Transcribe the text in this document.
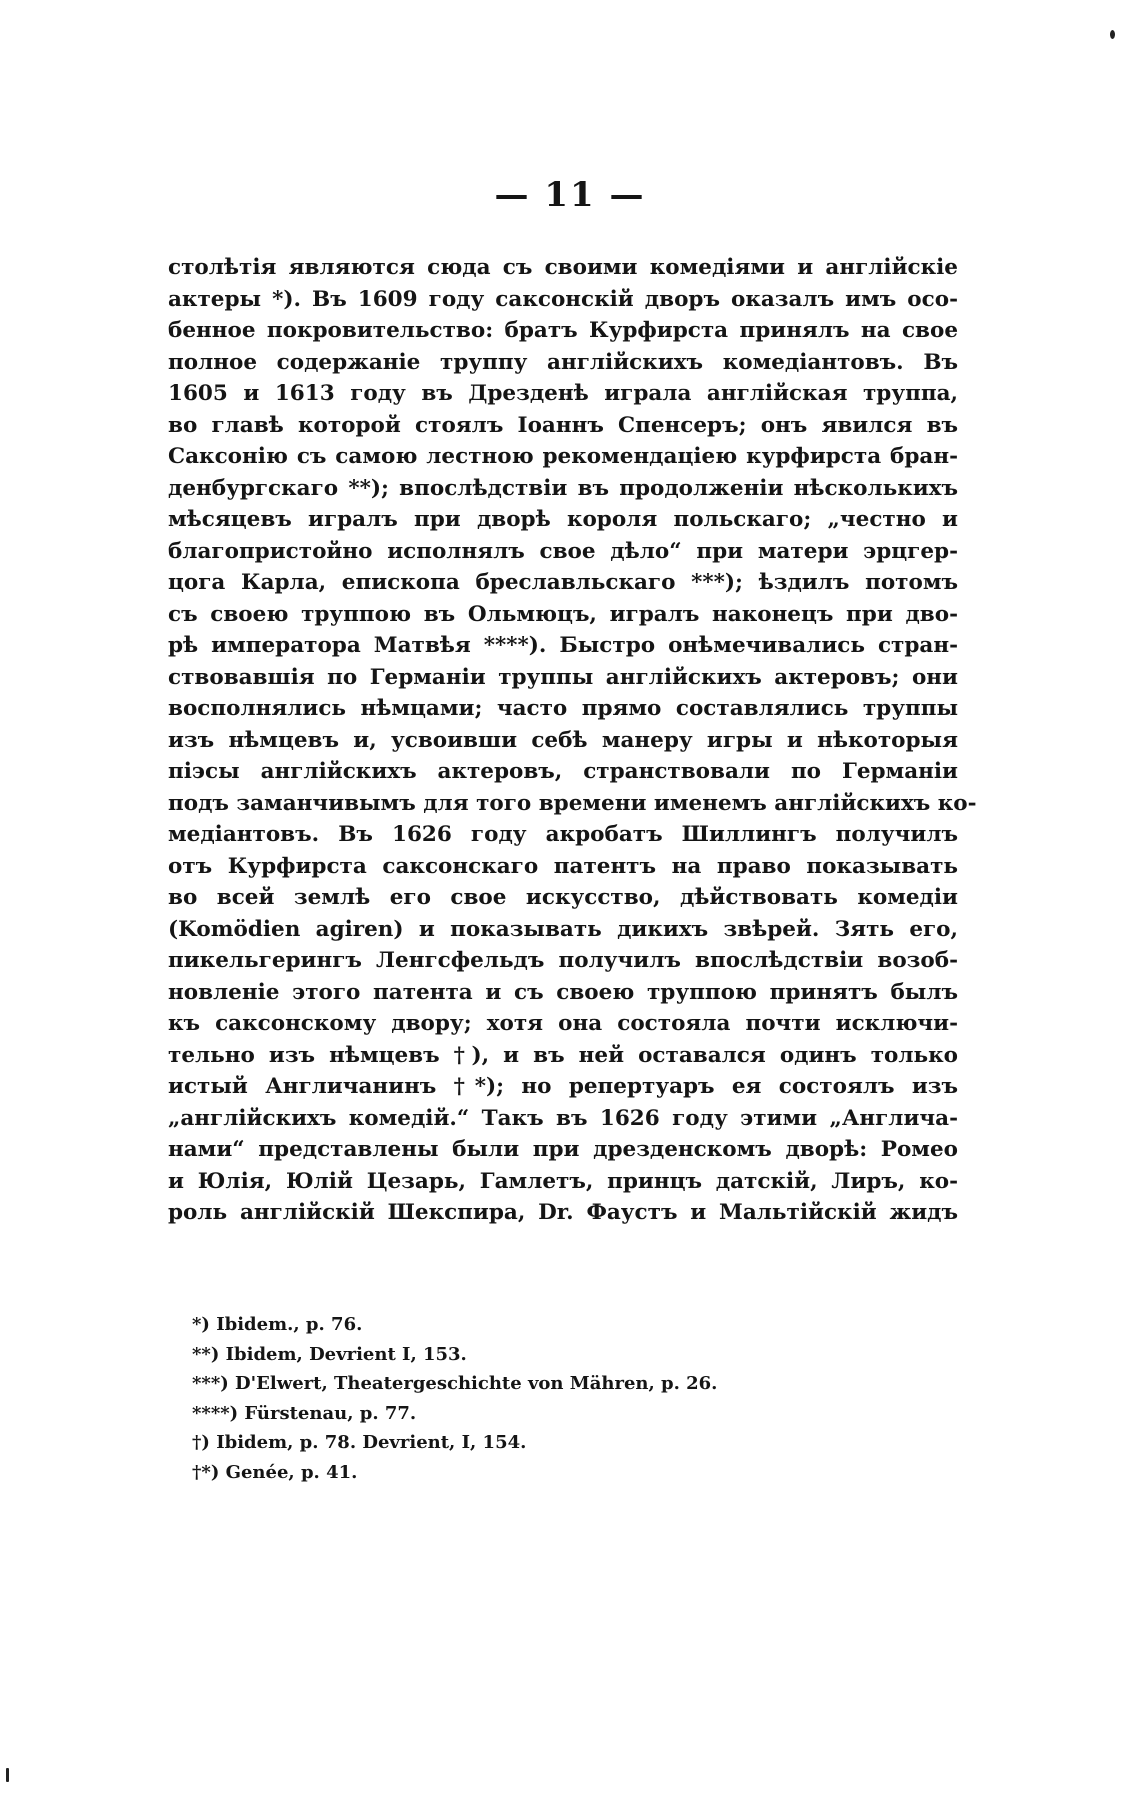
— 11 —
столѣтія являются сюда съ своими комедіями и англійскіе
актеры *). Въ 1609 году саксонскій дворъ оказалъ имъ осо-
бенное покровительство: братъ Курфирста принялъ на свое
полное содержаніе труппу англійскихъ комедіантовъ. Въ
1605 и 1613 году въ Дрезденѣ играла англійская труппа,
во главѣ которой стоялъ Іоаннъ Спенсеръ; онъ явился въ
Саксонію съ самою лестною рекомендаціею курфирста бран-
денбургскаго **); впослѣдствіи въ продолженіи нѣсколькихъ
мѣсяцевъ игралъ при дворѣ короля польскаго; „честно и
благопристойно исполнялъ свое дѣло“ при матери эрцгер-
цога Карла, епископа бреславльскаго ***); ѣздилъ потомъ
съ своею труппою въ Ольмюцъ, игралъ наконецъ при дво-
рѣ императора Матвѣя ****). Быстро онѣмечивались стран-
ствовавшія по Германіи труппы англійскихъ актеровъ; они
восполнялись нѣмцами; часто прямо составлялись труппы
изъ нѣмцевъ и, усвоивши себѣ манеру игры и нѣкоторыя
піэсы англійскихъ актеровъ, странствовали по Германіи
подъ заманчивымъ для того времени именемъ англійскихъ ко-
медіантовъ. Въ 1626 году акробатъ Шиллингъ получилъ
отъ Курфирста саксонскаго патентъ на право показывать
во всей землѣ его свое искусство, дѣйствовать комедіи
(Komödien agiren) и показывать дикихъ звѣрей. Зять его,
пикельгерингъ Ленгсфельдъ получилъ впослѣдствіи возоб-
новленіе этого патента и съ своею труппою принятъ былъ
къ саксонскому двору; хотя она состояла почти исключи-
тельно изъ нѣмцевъ †), и въ ней оставался одинъ только
истый Англичанинъ †*); но репертуаръ ея состоялъ изъ
„англійскихъ комедій.“ Такъ въ 1626 году этими „Англича-
нами“ представлены были при дрезденскомъ дворѣ: Ромео
и Юлія, Юлій Цезарь, Гамлетъ, принцъ датскій, Лиръ, ко-
роль англійскій Шекспира, Dr. Фаустъ и Мальтійскій жидъ
*) Ibidem., p. 76.
**) Ibidem, Devrient I, 153.
***) D'Elwert, Theatergeschichte von Mähren, p. 26.
****) Fürstenau, p. 77.
†) Ibidem, p. 78. Devrient, I, 154.
†*) Genée, p. 41.
